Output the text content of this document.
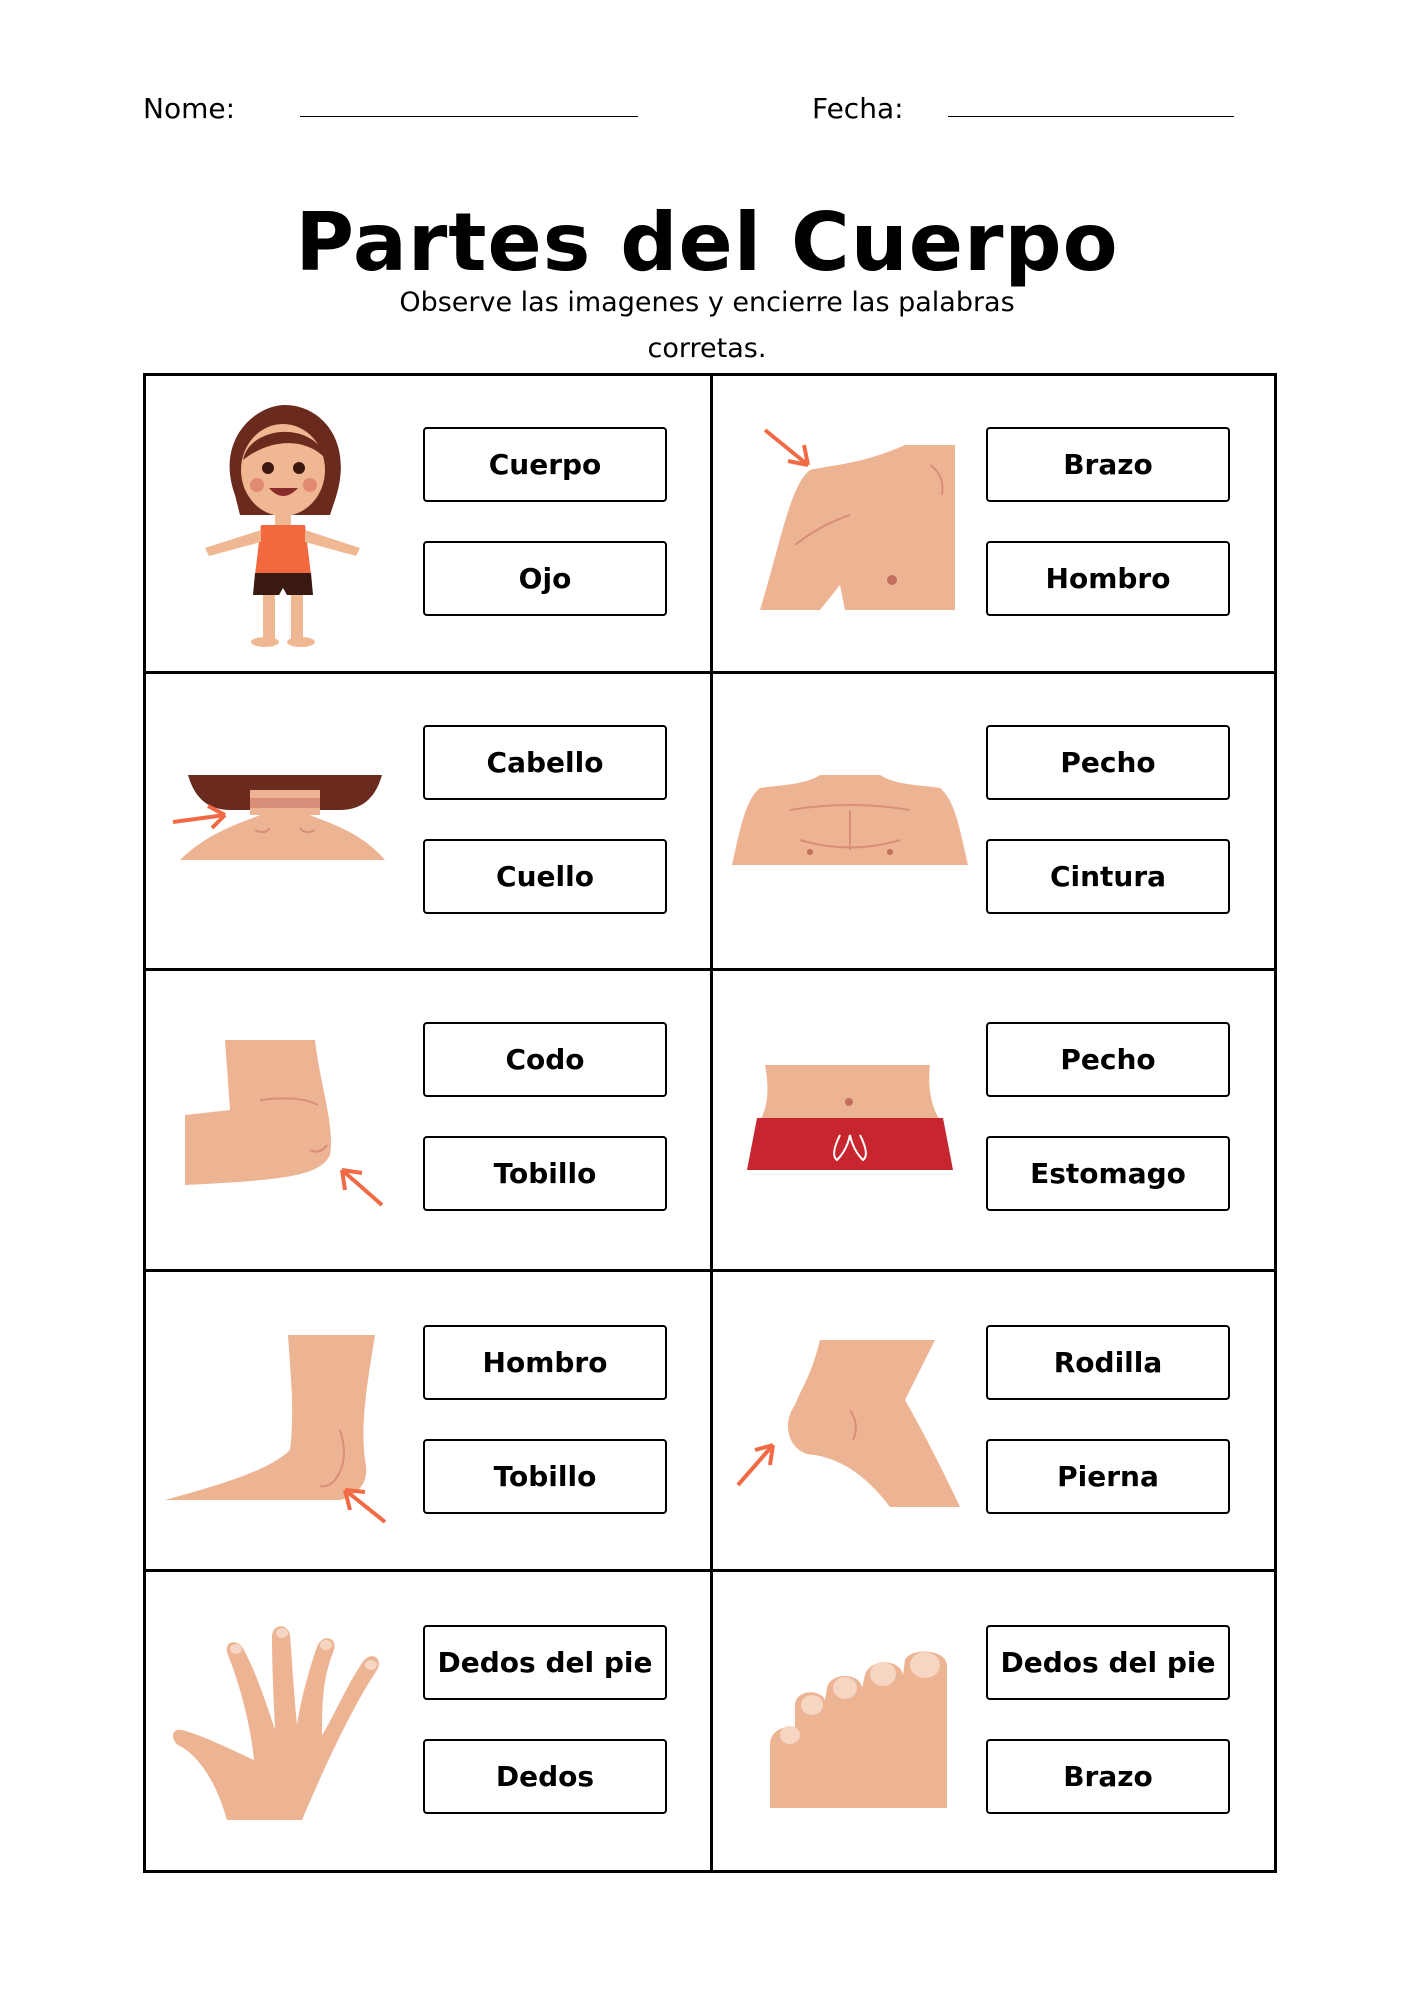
Nome:	Fecha:
Partes del Cuerpo
Observe las imagenes y encierre las palabras corretas.
Cuerpo
Ojo
Brazo
Hombro
Cabello
Cuello
Pecho
Cintura
Codo
Tobillo
Pecho
Estomago
Hombro
Tobillo
Rodilla
Pierna
Dedos del pie
Dedos
Dedos del pie
Brazo
